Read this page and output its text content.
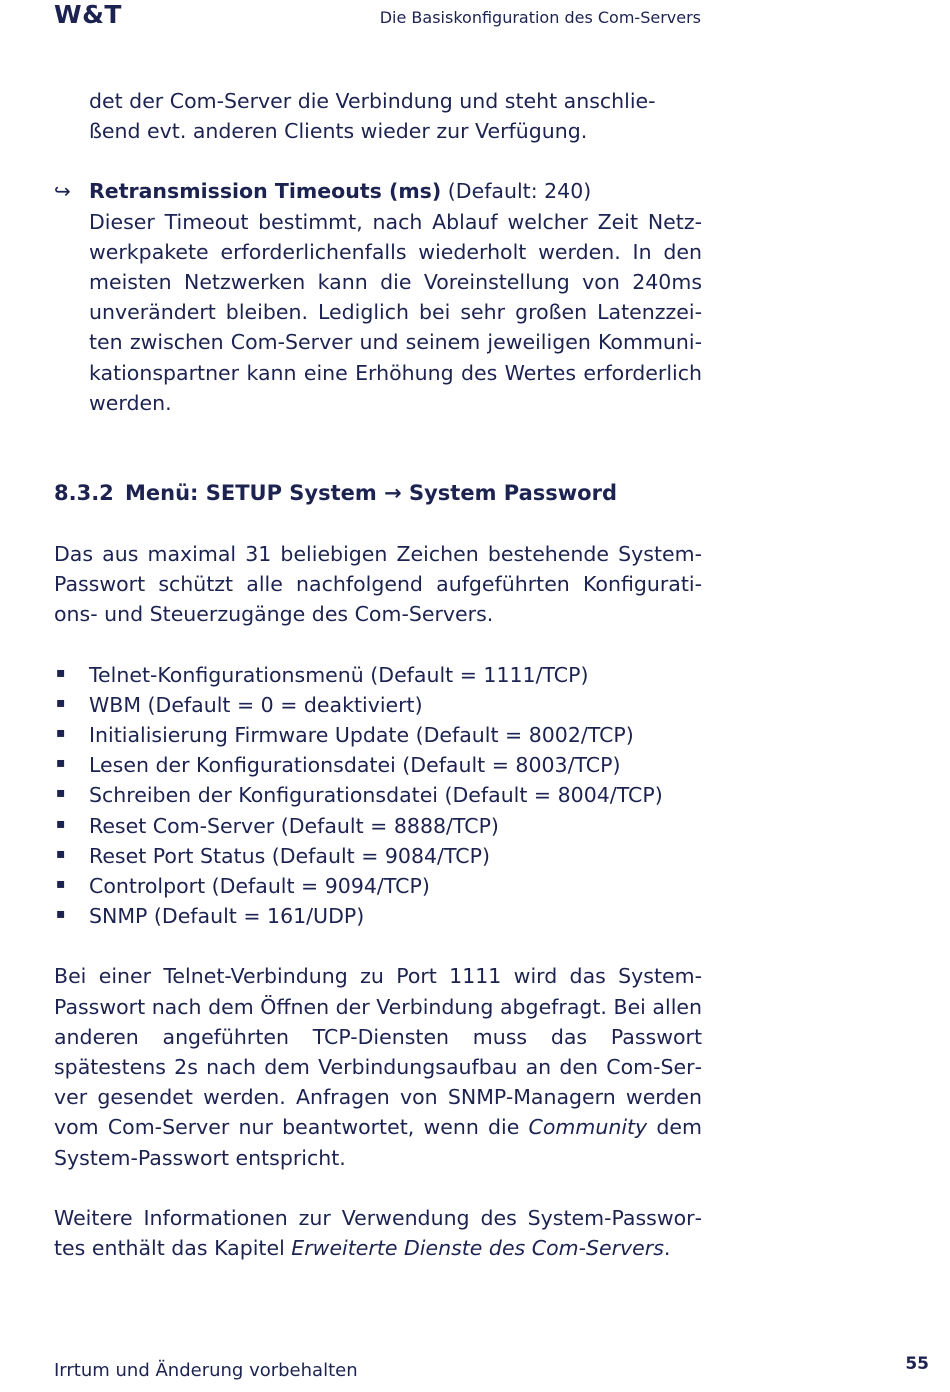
W&T	Die Basiskonfiguration des Com-Servers

det der Com-Server die Verbindung und steht anschlie-

ßend evt. anderen Clients wieder zur Verfügung.

↪ Retransmission Timeouts (ms) (Default: 240)

Dieser Timeout bestimmt, nach Ablauf welcher Zeit Netzwerkpakete erforderlichenfalls wiederholt werden. In den meisten Netzwerken kann die Voreinstellung von 240ms unverändert bleiben. Lediglich bei sehr großen Latenzzeiten zwischen Com-Server und seinem jeweiligen Kommunikationspartner kann eine Erhöhung des Wertes erforderlich werden.

8.3.2 Menü: SETUP System → System Password

Das aus maximal 31 beliebigen Zeichen bestehende System-Passwort schützt alle nachfolgend aufgeführten Konfigurations- und Steuerzugänge des Com-Servers.

▪ Telnet-Konfigurationsmenü (Default = 1111/TCP)
▪ WBM (Default = 0 = deaktiviert)
▪ Initialisierung Firmware Update (Default = 8002/TCP)
▪ Lesen der Konfigurationsdatei (Default = 8003/TCP)
▪ Schreiben der Konfigurationsdatei (Default = 8004/TCP)
▪ Reset Com-Server (Default = 8888/TCP)
▪ Reset Port Status (Default = 9084/TCP)
▪ Controlport (Default = 9094/TCP)
▪ SNMP (Default = 161/UDP)

Bei einer Telnet-Verbindung zu Port 1111 wird das System-Passwort nach dem Öffnen der Verbindung abgefragt. Bei allen anderen angeführten TCP-Diensten muss das Passwort spätestens 2s nach dem Verbindungsaufbau an den Com-Server gesendet werden. Anfragen von SNMP-Managern werden vom Com-Server nur beantwortet, wenn die Community dem System-Passwort entspricht.

Weitere Informationen zur Verwendung des System-Passwortes enthält das Kapitel Erweiterte Dienste des Com-Servers.

Irrtum und Änderung vorbehalten	55
